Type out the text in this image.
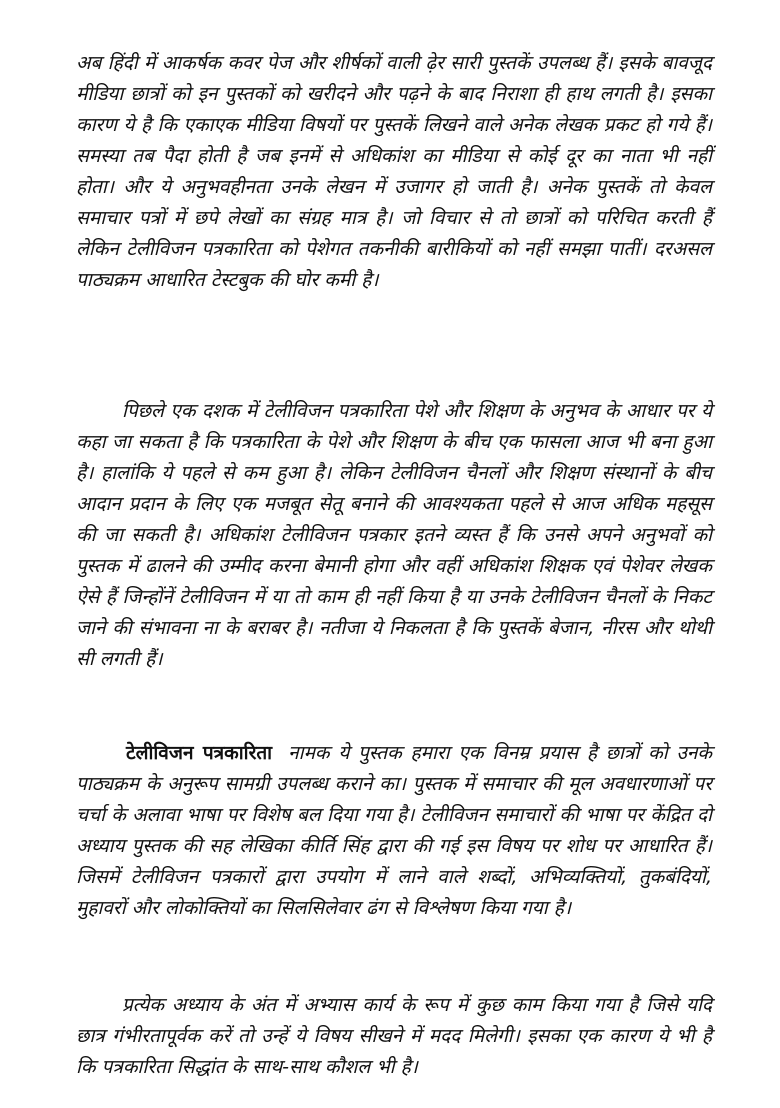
अब हिंदी में आकर्षक कवर पेज और शीर्षकों वाली ढ़ेर सारी पुस्तकें उपलब्ध हैं। इसके बावजूद मीडिया छात्रों को इन पुस्तकों को खरीदने और पढ़ने के बाद निराशा ही हाथ लगती है। इसका कारण ये है कि एकाएक मीडिया विषयों पर पुस्तकें लिखने वाले अनेक लेखक प्रकट हो गये हैं। समस्या तब पैदा होती है जब इनमें से अधिकांश का मीडिया से कोई दूर का नाता भी नहीं होता। और ये अनुभवहीनता उनके लेखन में उजागर हो जाती है। अनेक पुस्तकें तो केवल समाचार पत्रों में छपे लेखों का संग्रह मात्र है। जो विचार से तो छात्रों को परिचित करती हैं लेकिन टेलीविजन पत्रकारिता को पेशेगत तकनीकी बारीकियों को नहीं समझा पातीं। दरअसल पाठ्यक्रम आधारित टेस्टबुक की घोर कमी है।

पिछले एक दशक में टेलीविजन पत्रकारिता पेशे और शिक्षण के अनुभव के आधार पर ये कहा जा सकता है कि पत्रकारिता के पेशे और शिक्षण के बीच एक फासला आज भी बना हुआ है। हालांकि ये पहले से कम हुआ है। लेकिन टेलीविजन चैनलों और शिक्षण संस्थानों के बीच आदान प्रदान के लिए एक मजबूत सेतू बनाने की आवश्यकता पहले से आज अधिक महसूस की जा सकती है। अधिकांश टेलीविजन पत्रकार इतने व्यस्त हैं कि उनसे अपने अनुभवों को पुस्तक में ढालने की उम्मीद करना बेमानी होगा और वहीं अधिकांश शिक्षक एवं पेशेवर लेखक ऐसे हैं जिन्होंनें टेलीविजन में या तो काम ही नहीं किया है या उनके टेलीविजन चैनलों के निकट जाने की संभावना ना के बराबर है। नतीजा ये निकलता है कि पुस्तकें बेजान, नीरस और थोथी सी लगती हैं।

टेलीविजन पत्रकारिता नामक ये पुस्तक हमारा एक विनम्र प्रयास है छात्रों को उनके पाठ्यक्रम के अनुरूप सामग्री उपलब्ध कराने का। पुस्तक में समाचार की मूल अवधारणाओं पर चर्चा के अलावा भाषा पर विशेष बल दिया गया है। टेलीविजन समाचारों की भाषा पर केंद्रित दो अध्याय पुस्तक की सह लेखिका कीर्ति सिंह द्वारा की गई इस विषय पर शोध पर आधारित हैं। जिसमें टेलीविजन पत्रकारों द्वारा उपयोग में लाने वाले शब्दों, अभिव्यक्तियों, तुकबंदियों, मुहावरों और लोकोक्तियों का सिलसिलेवार ढंग से विश्लेषण किया गया है।

प्रत्येक अध्याय के अंत में अभ्यास कार्य के रूप में कुछ काम किया गया है जिसे यदि छात्र गंभीरतापूर्वक करें तो उन्हें ये विषय सीखने में मदद मिलेगी। इसका एक कारण ये भी है कि पत्रकारिता सिद्धांत के साथ-साथ कौशल भी है।
